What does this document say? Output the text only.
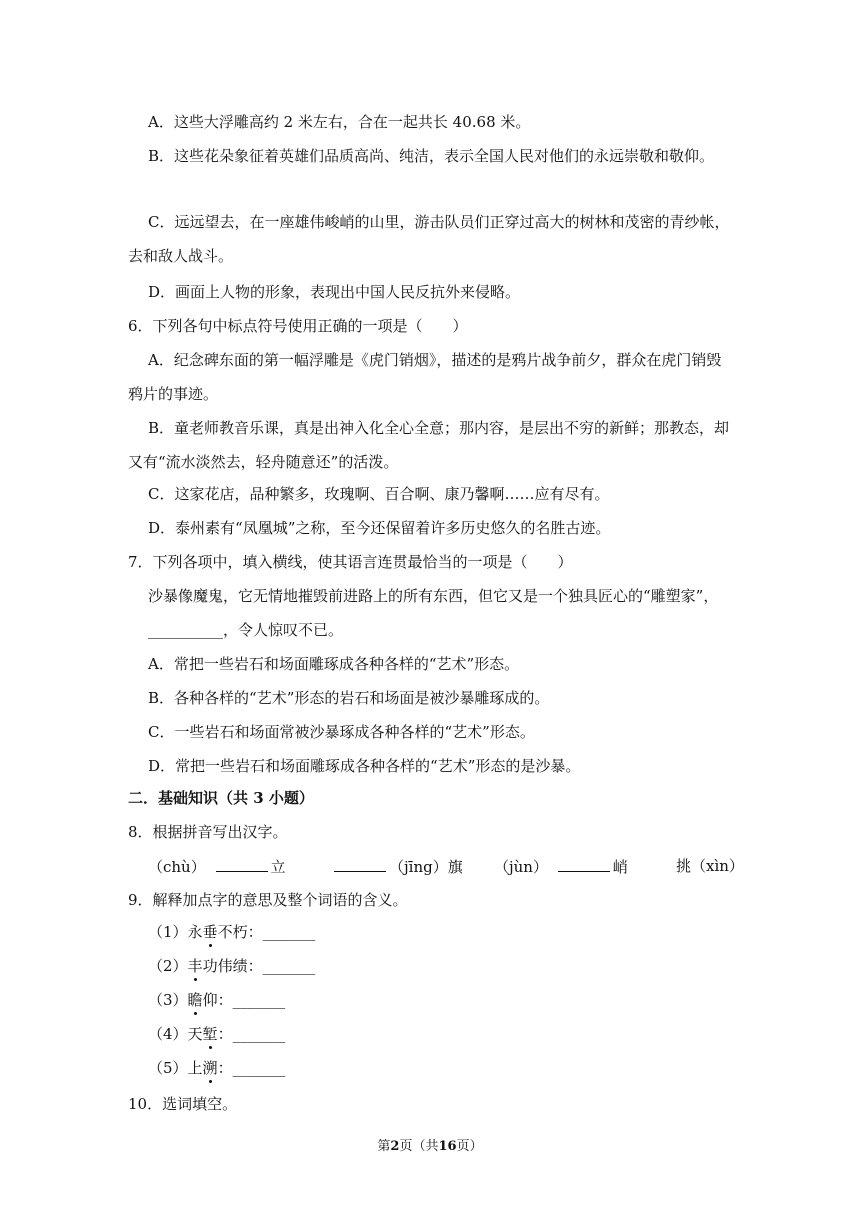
A．这些大浮雕高约 2 米左右，合在一起共长 40.68 米。
B．这些花朵象征着英雄们品质高尚、纯洁，表示全国人民对他们的永远崇敬和敬仰。
C．远远望去，在一座雄伟峻峭的山里，游击队员们正穿过高大的树林和茂密的青纱帐，
去和敌人战斗。
D．画面上人物的形象，表现出中国人民反抗外来侵略。
6．下列各句中标点符号使用正确的一项是（　　）
A．纪念碑东面的第一幅浮雕是《虎门销烟》，描述的是鸦片战争前夕，群众在虎门销毁
鸦片的事迹。
B．童老师教音乐课，真是出神入化全心全意；那内容，是层出不穷的新鲜；那教态，却
又有“流水淡然去，轻舟随意还”的活泼。
C．这家花店，品种繁多，玫瑰啊、百合啊、康乃馨啊……应有尽有。
D．泰州素有“凤凰城”之称，至今还保留着许多历史悠久的名胜古迹。
7．下列各项中，填入横线，使其语言连贯最恰当的一项是（　　）
沙暴像魔鬼，它无情地摧毁前进路上的所有东西，但它又是一个独具匠心的“雕塑家”，
__________，令人惊叹不已。
A．常把一些岩石和场面雕琢成各种各样的“艺术”形态。
B．各种各样的“艺术”形态的岩石和场面是被沙暴雕琢成的。
C．一些岩石和场面常被沙暴琢成各种各样的“艺术”形态。
D．常把一些岩石和场面雕琢成各种各样的“艺术”形态的是沙暴。
二．基础知识（共 3 小题）
8．根据拼音写出汉字。
（chù）	立	（jīng）旗 （jùn）	峭	挑（xìn）
9．解释加点字的意思及整个词语的含义。
（1）永垂不朽：_______
（2）丰功伟绩：_______
（3）瞻仰：_______
（4）天堑：_______
（5）上溯：_______
10．选词填空。
第2页（共16页）
